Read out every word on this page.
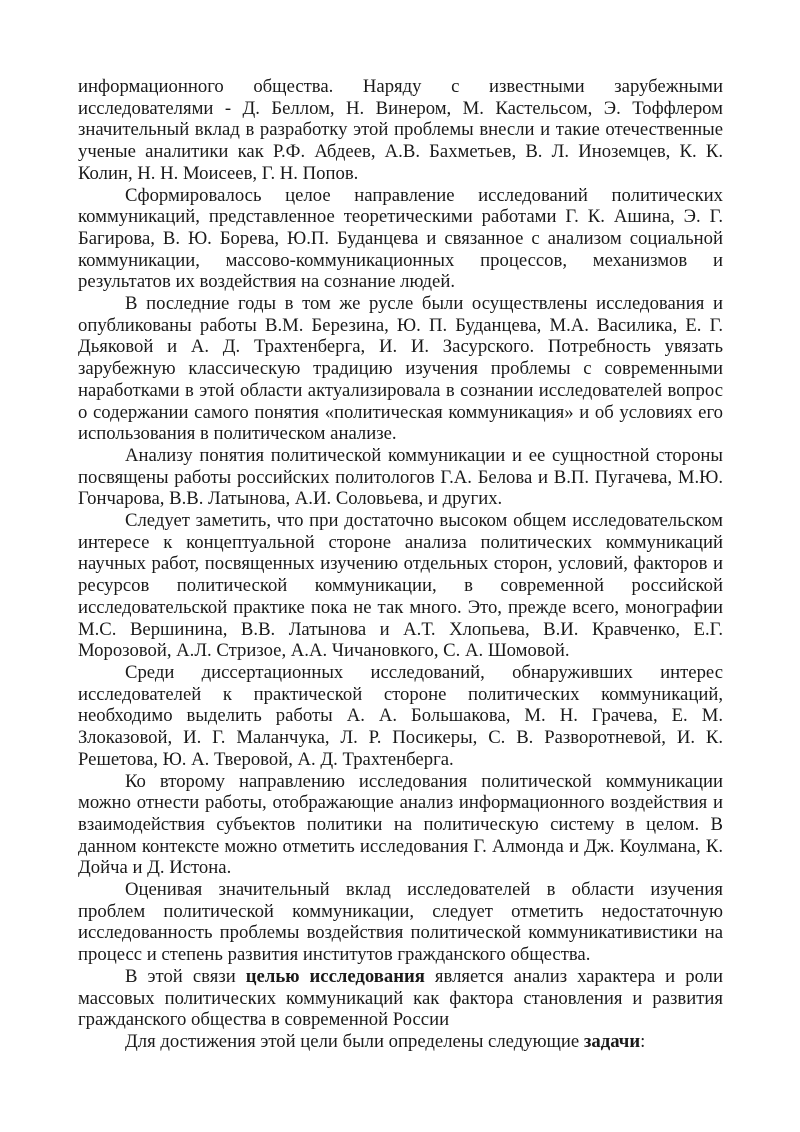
информационного общества. Наряду с известными зарубежными исследователями - Д. Беллом, Н. Винером, М. Кастельсом, Э. Тоффлером значительный вклад в разработку этой проблемы внесли и такие отечественные ученые аналитики как Р.Ф. Абдеев, А.В. Бахметьев, В. Л. Иноземцев, К. К. Колин, Н. Н. Моисеев, Г. Н. Попов.

Сформировалось целое направление исследований политических коммуникаций, представленное теоретическими работами Г. К. Ашина, Э. Г. Багирова, В. Ю. Борева, Ю.П. Буданцева и связанное с анализом социальной коммуникации, массово-коммуникационных процессов, механизмов и результатов их воздействия на сознание людей.

В последние годы в том же русле были осуществлены исследования и опубликованы работы В.М. Березина, Ю. П. Буданцева, М.А. Василика, Е. Г. Дьяковой и А. Д. Трахтенберга, И. И. Засурского. Потребность увязать зарубежную классическую традицию изучения проблемы с современными наработками в этой области актуализировала в сознании исследователей вопрос о содержании самого понятия «политическая коммуникация» и об условиях его использования в политическом анализе.

Анализу понятия политической коммуникации и ее сущностной стороны посвящены работы российских политологов Г.А. Белова и В.П. Пугачева, М.Ю. Гончарова, В.В. Латынова, А.И. Соловьева, и других.

Следует заметить, что при достаточно высоком общем исследовательском интересе к концептуальной стороне анализа политических коммуникаций научных работ, посвященных изучению отдельных сторон, условий, факторов и ресурсов политической коммуникации, в современной российской исследовательской практике пока не так много. Это, прежде всего, монографии М.С. Вершинина, В.В. Латынова и А.Т. Хлопьева, В.И. Кравченко, Е.Г. Морозовой, А.Л. Стризое, А.А. Чичановкого, С. А. Шомовой.

Среди диссертационных исследований, обнаруживших интерес исследователей к практической стороне политических коммуникаций, необходимо выделить работы А. А. Большакова, М. Н. Грачева, Е. М. Злоказовой, И. Г. Маланчука, Л. Р. Посикеры, С. В. Разворотневой, И. К. Решетова, Ю. А. Тверовой, А. Д. Трахтенберга.

Ко второму направлению исследования политической коммуникации можно отнести работы, отображающие анализ информационного воздействия и взаимодействия субъектов политики на политическую систему в целом. В данном контексте можно отметить исследования Г. Алмонда и Дж. Коулмана, К. Дойча и Д. Истона.

Оценивая значительный вклад исследователей в области изучения проблем политической коммуникации, следует отметить недостаточную исследованность проблемы воздействия политической коммуникативистики на процесс и степень развития институтов гражданского общества.

В этой связи целью исследования является анализ характера и роли массовых политических коммуникаций как фактора становления и развития гражданского общества в современной России

Для достижения этой цели были определены следующие задачи:
